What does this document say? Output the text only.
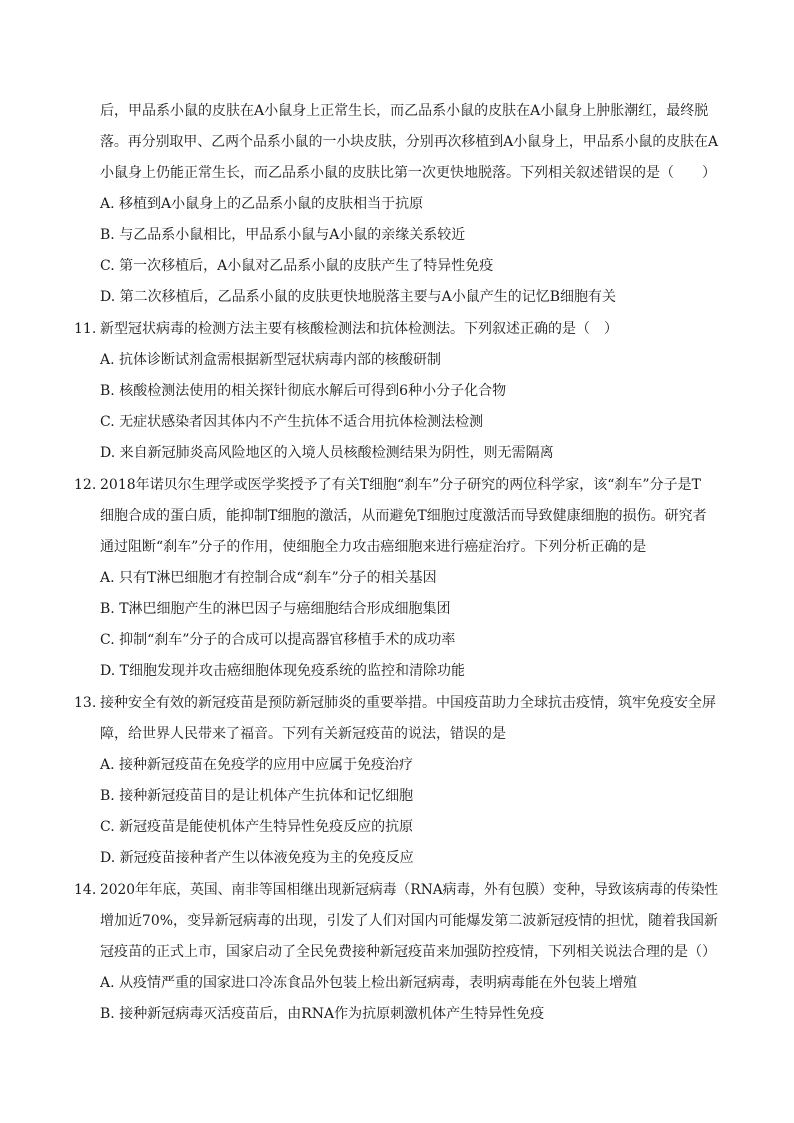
后，甲品系小鼠的皮肤在A小鼠身上正常生长，而乙品系小鼠的皮肤在A小鼠身上肿胀潮红，最终脱
落。再分别取甲、乙两个品系小鼠的一小块皮肤，分别再次移植到A小鼠身上，甲品系小鼠的皮肤在A
小鼠身上仍能正常生长，而乙品系小鼠的皮肤比第一次更快地脱落。下列相关叙述错误的是（　　）
A. 移植到A小鼠身上的乙品系小鼠的皮肤相当于抗原
B. 与乙品系小鼠相比，甲品系小鼠与A小鼠的亲缘关系较近
C. 第一次移植后，A小鼠对乙品系小鼠的皮肤产生了特异性免疫
D. 第二次移植后，乙品系小鼠的皮肤更快地脱落主要与A小鼠产生的记忆B细胞有关
11. 新型冠状病毒的检测方法主要有核酸检测法和抗体检测法。下列叙述正确的是（　）
A. 抗体诊断试剂盒需根据新型冠状病毒内部的核酸研制
B. 核酸检测法使用的相关探针彻底水解后可得到6种小分子化合物
C. 无症状感染者因其体内不产生抗体不适合用抗体检测法检测
D. 来自新冠肺炎高风险地区的入境人员核酸检测结果为阴性，则无需隔离
12. 2018年诺贝尔生理学或医学奖授予了有关T细胞“刹车”分子研究的两位科学家，该“刹车”分子是T
细胞合成的蛋白质，能抑制T细胞的激活，从而避免T细胞过度激活而导致健康细胞的损伤。研究者
通过阻断“刹车”分子的作用，使细胞全力攻击癌细胞来进行癌症治疗。下列分析正确的是
A. 只有T淋巴细胞才有控制合成“刹车”分子的相关基因
B. T淋巴细胞产生的淋巴因子与癌细胞结合形成细胞集团
C. 抑制“刹车”分子的合成可以提高器官移植手术的成功率
D. T细胞发现并攻击癌细胞体现免疫系统的监控和清除功能
13. 接种安全有效的新冠疫苗是预防新冠肺炎的重要举措。中国疫苗助力全球抗击疫情，筑牢免疫安全屏
障，给世界人民带来了福音。下列有关新冠疫苗的说法，错误的是
A. 接种新冠疫苗在免疫学的应用中应属于免疫治疗
B. 接种新冠疫苗目的是让机体产生抗体和记忆细胞
C. 新冠疫苗是能使机体产生特异性免疫反应的抗原
D. 新冠疫苗接种者产生以体液免疫为主的免疫反应
14. 2020年年底，英国、南非等国相继出现新冠病毒（RNA病毒，外有包膜）变种，导致该病毒的传染性
增加近70%，变异新冠病毒的出现，引发了人们对国内可能爆发第二波新冠疫情的担忧，随着我国新
冠疫苗的正式上市，国家启动了全民免费接种新冠疫苗来加强防控疫情，下列相关说法合理的是（）
A. 从疫情严重的国家进口冷冻食品外包装上检出新冠病毒，表明病毒能在外包装上增殖
B. 接种新冠病毒灭活疫苗后，由RNA作为抗原刺激机体产生特异性免疫
